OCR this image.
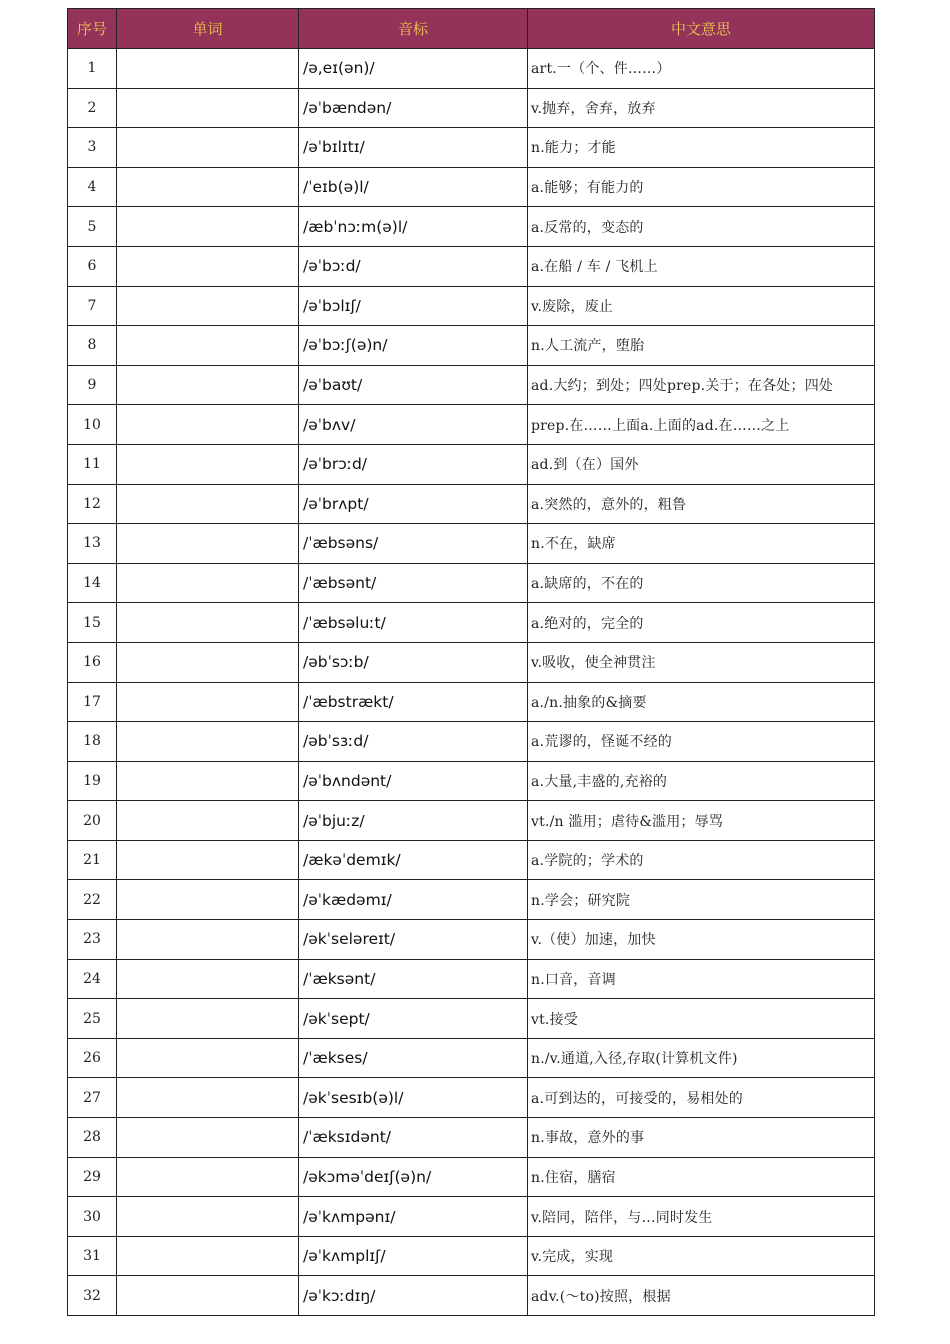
序号	单词	音标	中文意思
1		/ə,eɪ(ən)/	art.一（个、件……）
2		/əˈbændən/	v.抛弃，舍弃，放弃
3		/əˈbɪlɪtɪ/	n.能力；才能
4		/ˈeɪb(ə)l/	a.能够；有能力的
5		/æbˈnɔːm(ə)l/	a.反常的，变态的
6		/əˈbɔːd/	a.在船 / 车 / 飞机上
7		/əˈbɔlɪʃ/	v.废除，废止
8		/əˈbɔːʃ(ə)n/	n.人工流产，堕胎
9		/əˈbaʊt/	ad.大约；到处；四处prep.关于；在各处；四处
10		/əˈbʌv/	prep.在……上面a.上面的ad.在……之上
11		/əˈbrɔːd/	ad.到（在）国外
12		/əˈbrʌpt/	a.突然的，意外的，粗鲁
13		/ˈæbsəns/	n.不在，缺席
14		/ˈæbsənt/	a.缺席的，不在的
15		/ˈæbsəluːt/	a.绝对的，完全的
16		/əbˈsɔːb/	v.吸收，使全神贯注
17		/ˈæbstrækt/	a./n.抽象的&摘要
18		/əbˈsɜːd/	a.荒谬的，怪诞不经的
19		/əˈbʌndənt/	a.大量,丰盛的,充裕的
20		/əˈbjuːz/	vt./n 滥用；虐待&滥用；辱骂
21		/ækəˈdemɪk/	a.学院的；学术的
22		/əˈkædəmɪ/	n.学会；研究院
23		/əkˈseləreɪt/	v.（使）加速，加快
24		/ˈæksənt/	n.口音，音调
25		/əkˈsept/	vt.接受
26		/ˈækses/	n./v.通道,入径,存取(计算机文件)
27		/əkˈsesɪb(ə)l/	a.可到达的，可接受的，易相处的
28		/ˈæksɪdənt/	n.事故，意外的事
29		/əkɔməˈdeɪʃ(ə)n/	n.住宿，膳宿
30		/əˈkʌmpənɪ/	v.陪同，陪伴，与…同时发生
31		/əˈkʌmplɪʃ/	v.完成，实现
32		/əˈkɔːdɪŋ/	adv.(～to)按照，根据
